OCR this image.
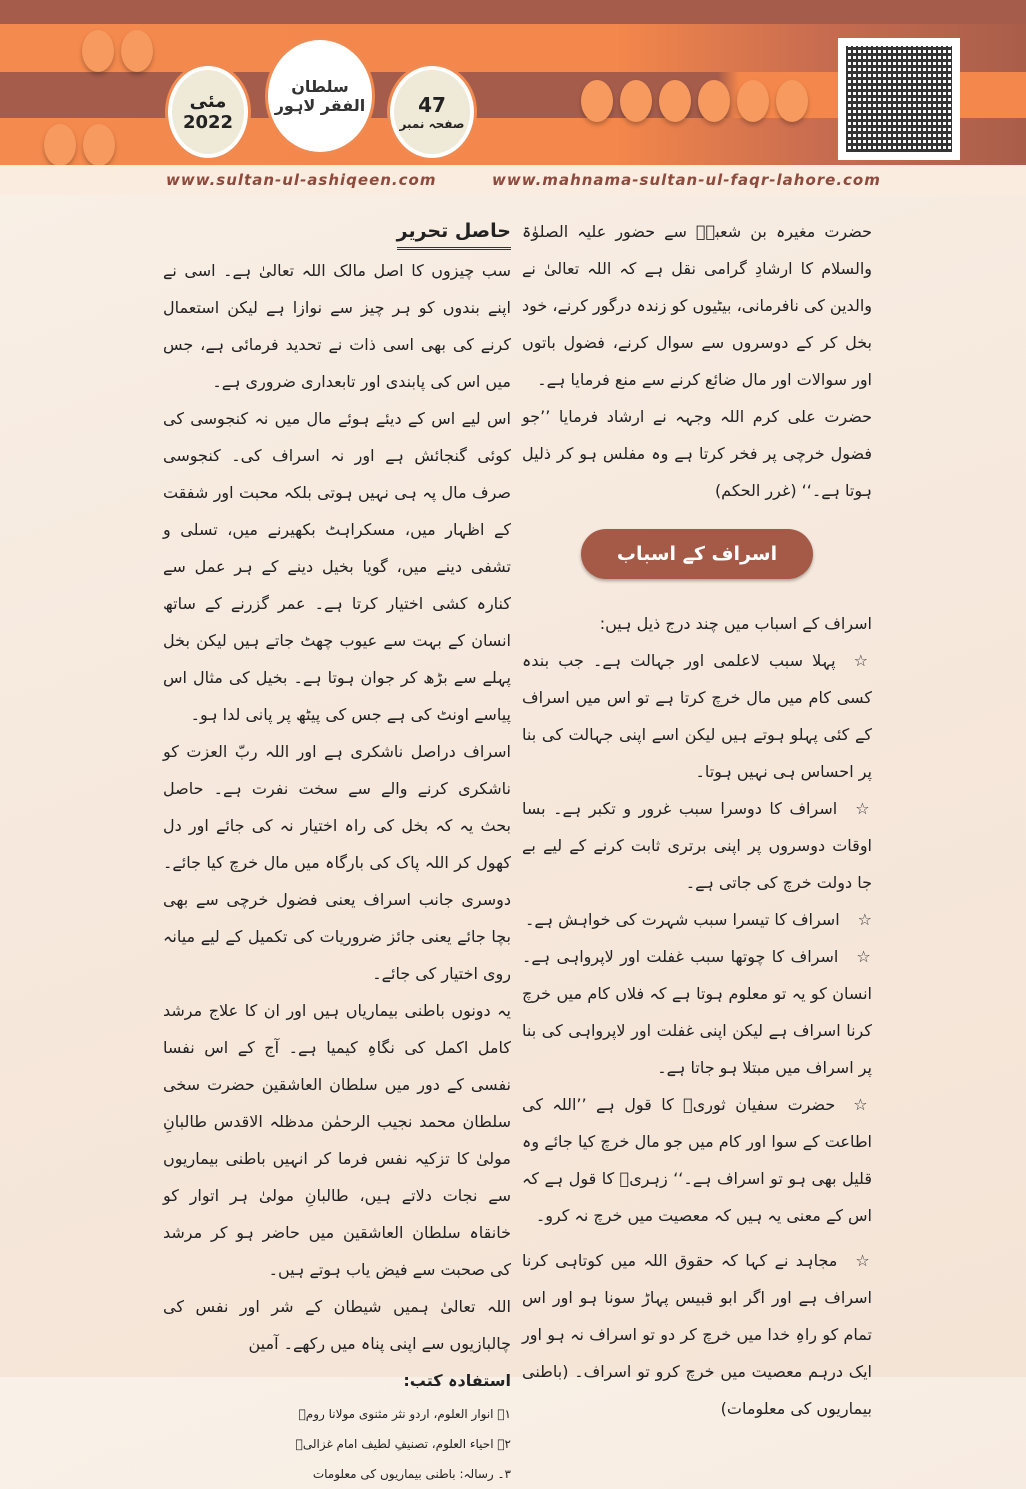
مئی
2022
سلطان الفقر لاہور	47
صفحہ نمبر
www.sultan-ul-ashiqeen.com	www.mahnama-sultan-ul-faqr-lahore.com

حضرت مغیرہ بن شعبہؓ سے حضور علیہ الصلوٰۃ والسلام کا ارشادِ گرامی نقل ہے کہ اللہ تعالیٰ نے والدین کی نافرمانی، بیٹیوں کو زندہ درگور کرنے، خود بخل کر کے دوسروں سے سوال کرنے، فضول باتوں اور سوالات اور مال ضائع کرنے سے منع فرمایا ہے۔

حضرت علی کرم اللہ وجہہ نے ارشاد فرمایا ’’جو فضول خرچی پر فخر کرتا ہے وہ مفلس ہو کر ذلیل ہوتا ہے۔‘‘ (غرر الحکم)

اسراف کے اسباب

اسراف کے اسباب میں چند درج ذیل ہیں:

☆پہلا سبب لاعلمی اور جہالت ہے۔ جب بندہ کسی کام میں مال خرچ کرتا ہے تو اس میں اسراف کے کئی پہلو ہوتے ہیں لیکن اسے اپنی جہالت کی بنا پر احساس ہی نہیں ہوتا۔

☆اسراف کا دوسرا سبب غرور و تکبر ہے۔ بسا اوقات دوسروں پر اپنی برتری ثابت کرنے کے لیے بے جا دولت خرچ کی جاتی ہے۔

☆اسراف کا تیسرا سبب شہرت کی خواہش ہے۔

☆اسراف کا چوتھا سبب غفلت اور لاپرواہی ہے۔ انسان کو یہ تو معلوم ہوتا ہے کہ فلاں کام میں خرچ کرنا اسراف ہے لیکن اپنی غفلت اور لاپرواہی کی بنا پر اسراف میں مبتلا ہو جاتا ہے۔

☆حضرت سفیان ثوریؒ کا قول ہے ’’اللہ کی اطاعت کے سوا اور کام میں جو مال خرچ کیا جائے وہ قلیل بھی ہو تو اسراف ہے۔‘‘ زہریؒ کا قول ہے کہ اس کے معنی یہ ہیں کہ معصیت میں خرچ نہ کرو۔

☆مجاہد نے کہا کہ حقوق اللہ میں کوتاہی کرنا اسراف ہے اور اگر ابو قبیس پہاڑ سونا ہو اور اس تمام کو راہِ خدا میں خرچ کر دو تو اسراف نہ ہو اور ایک درہم معصیت میں خرچ کرو تو اسراف۔ (باطنی بیماریوں کی معلومات)

حاصل تحریر

سب چیزوں کا اصل مالک اللہ تعالیٰ ہے۔ اسی نے اپنے بندوں کو ہر چیز سے نوازا ہے لیکن استعمال کرنے کی بھی اسی ذات نے تحدید فرمائی ہے، جس میں اس کی پابندی اور تابعداری ضروری ہے۔

اس لیے اس کے دیئے ہوئے مال میں نہ کنجوسی کی کوئی گنجائش ہے اور نہ اسراف کی۔ کنجوسی صرف مال پہ ہی نہیں ہوتی بلکہ محبت اور شفقت کے اظہار میں، مسکراہٹ بکھیرنے میں، تسلی و تشفی دینے میں، گویا بخیل دینے کے ہر عمل سے کنارہ کشی اختیار کرتا ہے۔ عمر گزرنے کے ساتھ انسان کے بہت سے عیوب چھٹ جاتے ہیں لیکن بخل پہلے سے بڑھ کر جوان ہوتا ہے۔ بخیل کی مثال اس پیاسے اونٹ کی ہے جس کی پیٹھ پر پانی لدا ہو۔

اسراف دراصل ناشکری ہے اور اللہ ربّ العزت کو ناشکری کرنے والے سے سخت نفرت ہے۔ حاصل بحث یہ کہ بخل کی راہ اختیار نہ کی جائے اور دل کھول کر اللہ پاک کی بارگاہ میں مال خرچ کیا جائے۔ دوسری جانب اسراف یعنی فضول خرچی سے بھی بچا جائے یعنی جائز ضروریات کی تکمیل کے لیے میانہ روی اختیار کی جائے۔

یہ دونوں باطنی بیماریاں ہیں اور ان کا علاج مرشد کامل اکمل کی نگاہِ کیمیا ہے۔ آج کے اس نفسا نفسی کے دور میں سلطان العاشقین حضرت سخی سلطان محمد نجیب الرحمٰن مدظلہ الاقدس طالبانِ مولیٰ کا تزکیہ نفس فرما کر انہیں باطنی بیماریوں سے نجات دلاتے ہیں، طالبانِ مولیٰ ہر اتوار کو خانقاہ سلطان العاشقین میں حاضر ہو کر مرشد کی صحبت سے فیض یاب ہوتے ہیں۔

اللہ تعالیٰ ہمیں شیطان کے شر اور نفس کی چالبازیوں سے اپنی پناہ میں رکھے۔ آمین

استفادہ کتب:

۱۔ انوار العلوم، اردو نثر مثنوی مولانا رومؒ

۲۔ احیاء العلوم، تصنیفِ لطیف امام غزالیؒ

۳۔ رسالہ: باطنی بیماریوں کی معلومات
